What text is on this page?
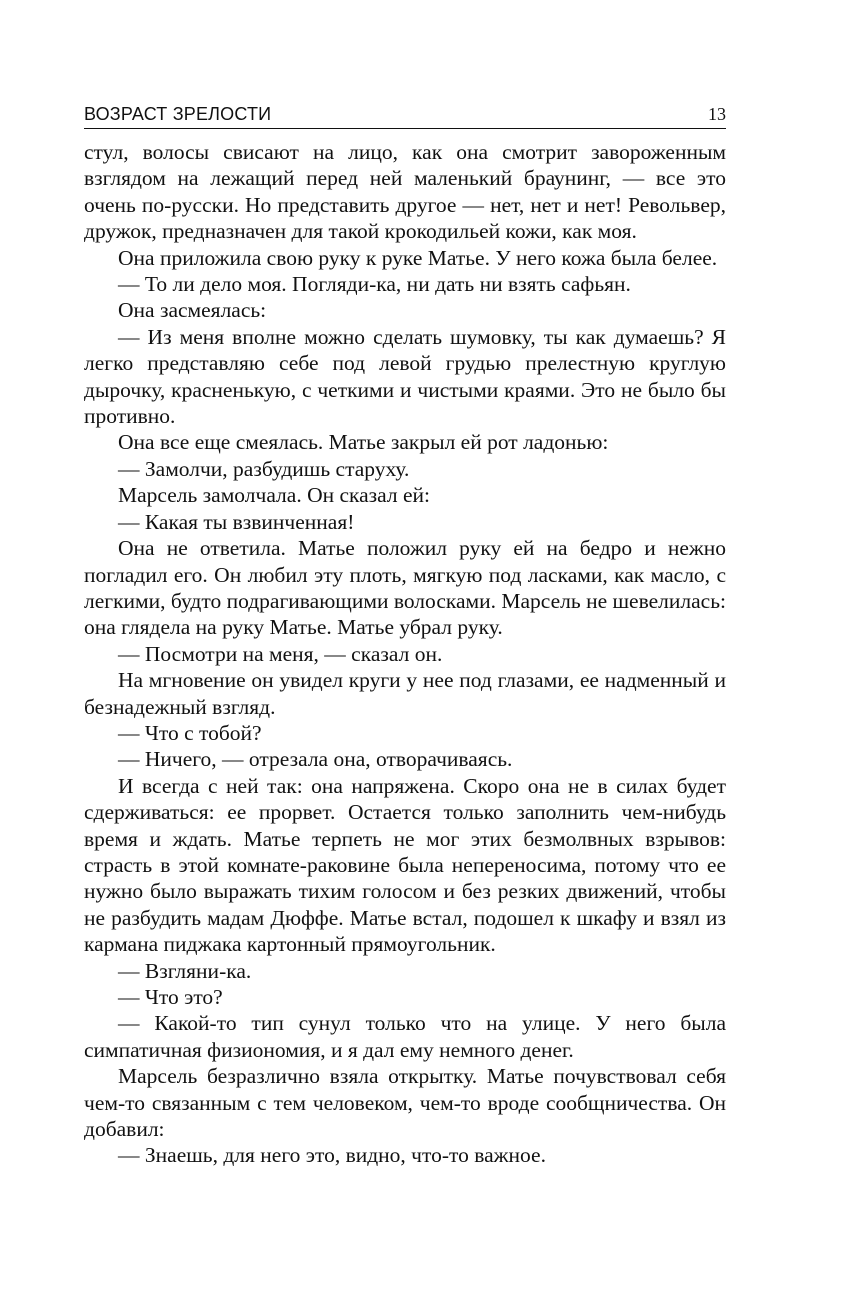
ВОЗРАСТ ЗРЕЛОСТИ	13

стул, волосы свисают на лицо, как она смотрит завороженным взглядом на лежащий перед ней маленький браунинг, — все это очень по-русски. Но представить другое — нет, нет и нет! Револьвер, дружок, предназначен для такой крокодильей кожи, как моя.

Она приложила свою руку к руке Матье. У него кожа была белее.

— То ли дело моя. Погляди-ка, ни дать ни взять сафьян.

Она засмеялась:

— Из меня вполне можно сделать шумовку, ты как думаешь? Я легко представляю себе под левой грудью прелестную круглую дырочку, красненькую, с четкими и чистыми краями. Это не было бы противно.

Она все еще смеялась. Матье закрыл ей рот ладонью:

— Замолчи, разбудишь старуху.

Марсель замолчала. Он сказал ей:

— Какая ты взвинченная!

Она не ответила. Матье положил руку ей на бедро и нежно погладил его. Он любил эту плоть, мягкую под ласками, как масло, с легкими, будто подрагивающими волосками. Марсель не шевелилась: она глядела на руку Матье. Матье убрал руку.

— Посмотри на меня, — сказал он.

На мгновение он увидел круги у нее под глазами, ее надменный и безнадежный взгляд.

— Что с тобой?

— Ничего, — отрезала она, отворачиваясь.

И всегда с ней так: она напряжена. Скоро она не в силах будет сдерживаться: ее прорвет. Остается только заполнить чем-нибудь время и ждать. Матье терпеть не мог этих безмолвных взрывов: страсть в этой комнате-раковине была непереносима, потому что ее нужно было выражать тихим голосом и без резких движений, чтобы не разбудить мадам Дюффе. Матье встал, подошел к шкафу и взял из кармана пиджака картонный прямоугольник.

— Взгляни-ка.

— Что это?

— Какой-то тип сунул только что на улице. У него была симпатичная физиономия, и я дал ему немного денег.

Марсель безразлично взяла открытку. Матье почувствовал себя чем-то связанным с тем человеком, чем-то вроде сообщничества. Он добавил:

— Знаешь, для него это, видно, что-то важное.
